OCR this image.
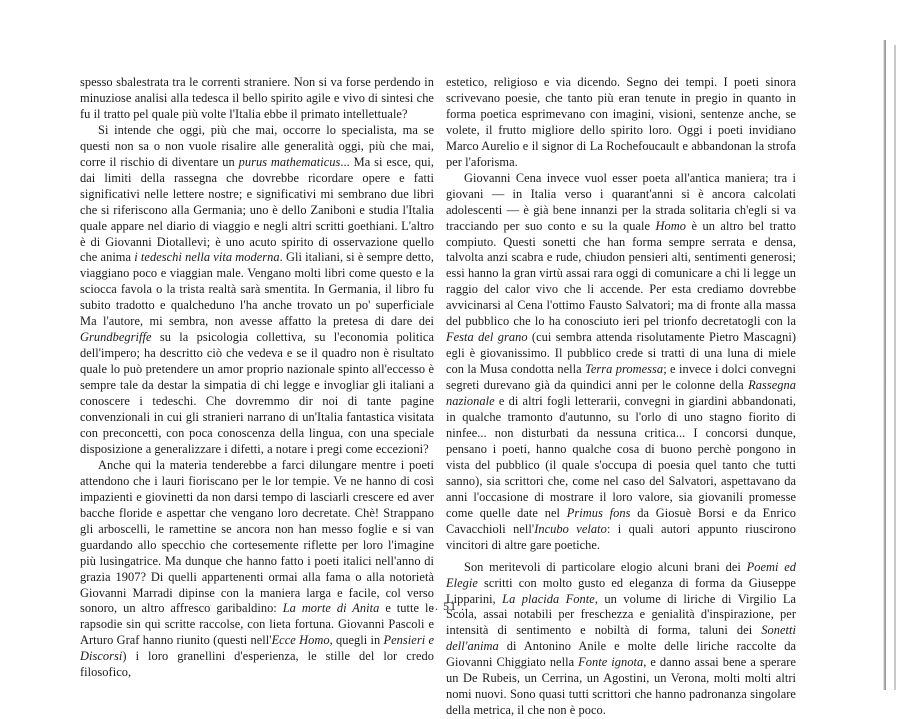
spesso sbalestrata tra le correnti straniere. Non si va forse perdendo in minuziose analisi alla tedesca il bello spirito agile e vivo di sintesi che fu il tratto pel quale più volte l'Italia ebbe il primato intellettuale?

Si intende che oggi, più che mai, occorre lo specialista, ma se questi non sa o non vuole risalire alle generalità oggi, più che mai, corre il rischio di diventare un purus mathematicus... Ma si esce, qui, dai limiti della rassegna che dovrebbe ricordare opere e fatti significativi nelle lettere nostre; e significativi mi sembrano due libri che si riferiscono alla Germania; uno è dello Zaniboni e studia l'Italia quale appare nel diario di viaggio e negli altri scritti goethiani. L'altro è di Giovanni Diotallevi; è uno acuto spirito di osservazione quello che anima i tedeschi nella vita moderna. Gli italiani, si è sempre detto, viaggiano poco e viaggian male. Vengano molti libri come questo e la sciocca favola o la trista realtà sarà smentita. In Germania, il libro fu subito tradotto e qualcheduno l'ha anche trovato un po' superficiale Ma l'autore, mi sembra, non avesse affatto la pretesa di dare dei Grundbegriffe su la psicologia collettiva, su l'economia politica dell'impero; ha descritto ciò che vedeva e se il quadro non è risultato quale lo può pretendere un amor proprio nazionale spinto all'eccesso è sempre tale da destar la simpatia di chi legge e invogliar gli italiani a conoscere i tedeschi. Che dovremmo dir noi di tante pagine convenzionali in cui gli stranieri narrano di un'Italia fantastica visitata con preconcetti, con poca conoscenza della lingua, con una speciale disposizione a generalizzare i difetti, a notare i pregi come eccezioni?

Anche qui la materia tenderebbe a farci dilungare mentre i poeti attendono che i lauri fioriscano per le lor tempie. Ve ne hanno di così impazienti e giovinetti da non darsi tempo di lasciarli crescere ed aver bacche floride e aspettar che vengano loro decretate. Chè! Strappano gli arboscelli, le ramettine se ancora non han messo foglie e si van guardando allo specchio che cortesemente riflette per loro l'imagine più lusingatrice. Ma dunque che hanno fatto i poeti italici nell'anno di grazia 1907? Di quelli appartenenti ormai alla fama o alla notorietà Giovanni Marradi dipinse con la maniera larga e facile, col verso sonoro, un altro affresco garibaldino: La morte di Anita e tutte le rapsodie sin qui scritte raccolse, con lieta fortuna. Giovanni Pascoli e Arturo Graf hanno riunito (questi nell'Ecce Homo, quegli in Pensieri e Discorsi) i loro granellini d'esperienza, le stille del lor credo filosofico,

estetico, religioso e via dicendo. Segno dei tempi. I poeti sinora scrivevano poesie, che tanto più eran tenute in pregio in quanto in forma poetica esprimevano con imagini, visioni, sentenze anche, se volete, il frutto migliore dello spirito loro. Oggi i poeti invidiano Marco Aurelio e il signor di La Rochefoucault e abbandonan la strofa per l'aforisma.

Giovanni Cena invece vuol esser poeta all'antica maniera; tra i giovani — in Italia verso i quarant'anni si è ancora calcolati adolescenti — è già bene innanzi per la strada solitaria ch'egli si va tracciando per suo conto e su la quale Homo è un altro bel tratto compiuto. Questi sonetti che han forma sempre serrata e densa, talvolta anzi scabra e rude, chiudon pensieri alti, sentimenti generosi; essi hanno la gran virtù assai rara oggi di comunicare a chi li legge un raggio del calor vivo che li accende. Per esta crediamo dovrebbe avvicinarsi al Cena l'ottimo Fausto Salvatori; ma di fronte alla massa del pubblico che lo ha conosciuto ieri pel trionfo decretatogli con la Festa del grano (cui sembra attenda risolutamente Pietro Mascagni) egli è giovanissimo. Il pubblico crede si tratti di una luna di miele con la Musa condotta nella Terra promessa; e invece i dolci convegni segreti durevano già da quindici anni per le colonne della Rassegna nazionale e di altri fogli letterarii, convegni in giardini abbandonati, in qualche tramonto d'autunno, su l'orlo di uno stagno fiorito di ninfee... non disturbati da nessuna critica... I concorsi dunque, pensano i poeti, hanno qualche cosa di buono perchè pongono in vista del pubblico (il quale s'occupa di poesia quel tanto che tutti sanno), sia scrittori che, come nel caso del Salvatori, aspettavano da anni l'occasione di mostrare il loro valore, sia giovanili promesse come quelle date nel Primus fons da Giosuè Borsi e da Enrico Cavacchioli nell'Incubo velato: i quali autori appunto riuscirono vincitori di altre gare poetiche.

Son meritevoli di particolare elogio alcuni brani dei Poemi ed Elegie scritti con molto gusto ed eleganza di forma da Giuseppe Lipparini, La placida Fonte, un volume di liriche di Virgilio La Scola, assai notabili per freschezza e genialità d'inspirazione, per intensità di sentimento e nobiltà di forma, taluni dei Sonetti dell'anima di Antonino Anile e molte delle liriche raccolte da Giovanni Chiggiato nella Fonte ignota, e danno assai bene a sperare un De Rubeis, un Cerrina, un Agostini, un Verona, molti molti altri nomi nuovi. Sono quasi tutti scrittori che hanno padronanza singolare della metrica, il che non è poco.

.. 51 ..
